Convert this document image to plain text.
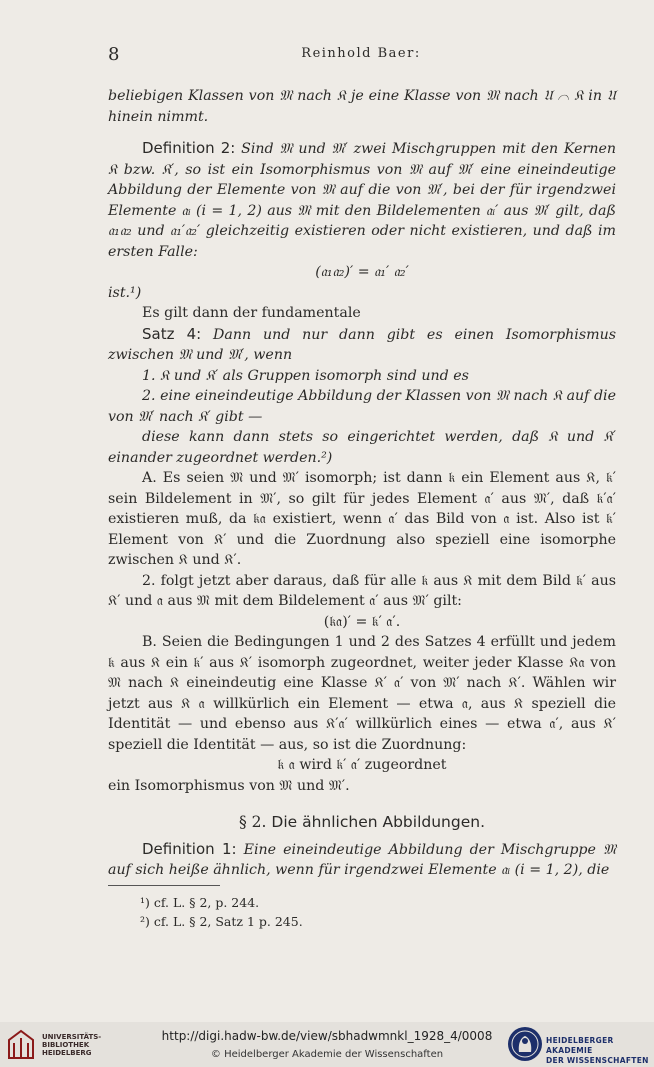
8	Reinhold Baer:

beliebigen Klassen von 𝔐 nach 𝔎 je eine Klasse von 𝔐 nach 𝔘 ⌒ 𝔎 in 𝔘 hinein nimmt.

Definition 2: Sind 𝔐 und 𝔐′ zwei Mischgruppen mit den Kernen 𝔎 bzw. 𝔎′, so ist ein Isomorphismus von 𝔐 auf 𝔐′ eine eineindeutige Abbildung der Elemente von 𝔐 auf die von 𝔐′, bei der für irgendzwei Elemente 𝔞ᵢ (i = 1, 2) aus 𝔐 mit den Bildelementen 𝔞ᵢ′ aus 𝔐′ gilt, daß 𝔞₁𝔞₂ und 𝔞₁′𝔞₂′ gleichzeitig existieren oder nicht existieren, und daß im ersten Falle:

(𝔞₁𝔞₂)′ = 𝔞₁′ 𝔞₂′

ist.¹)

Es gilt dann der fundamentale

Satz 4: Dann und nur dann gibt es einen Isomorphismus zwischen 𝔐 und 𝔐′, wenn

1. 𝔎 und 𝔎′ als Gruppen isomorph sind und es

2. eine eineindeutige Abbildung der Klassen von 𝔐 nach 𝔎 auf die von 𝔐′ nach 𝔎′ gibt —

diese kann dann stets so eingerichtet werden, daß 𝔎 und 𝔎′ einander zugeordnet werden.²)

A. Es seien 𝔐 und 𝔐′ isomorph; ist dann 𝔨 ein Element aus 𝔎, 𝔨′ sein Bildelement in 𝔐′, so gilt für jedes Element 𝔞′ aus 𝔐′, daß 𝔨′𝔞′ existieren muß, da 𝔨𝔞 existiert, wenn 𝔞′ das Bild von 𝔞 ist. Also ist 𝔨′ Element von 𝔎′ und die Zuordnung also speziell eine isomorphe zwischen 𝔎 und 𝔎′.

2. folgt jetzt aber daraus, daß für alle 𝔨 aus 𝔎 mit dem Bild 𝔨′ aus 𝔎′ und 𝔞 aus 𝔐 mit dem Bildelement 𝔞′ aus 𝔐′ gilt:

(𝔨𝔞)′ = 𝔨′ 𝔞′.

B. Seien die Bedingungen 1 und 2 des Satzes 4 erfüllt und jedem 𝔨 aus 𝔎 ein 𝔨′ aus 𝔎′ isomorph zugeordnet, weiter jeder Klasse 𝔎𝔞 von 𝔐 nach 𝔎 eineindeutig eine Klasse 𝔎′ 𝔞′ von 𝔐′ nach 𝔎′. Wählen wir jetzt aus 𝔎 𝔞 willkürlich ein Element — etwa 𝔞, aus 𝔎 speziell die Identität — und ebenso aus 𝔎′𝔞′ willkürlich eines — etwa 𝔞′, aus 𝔎′ speziell die Identität — aus, so ist die Zuordnung:

𝔨 𝔞 wird 𝔨′ 𝔞′ zugeordnet

ein Isomorphismus von 𝔐 und 𝔐′.

§ 2. Die ähnlichen Abbildungen.

Definition 1: Eine eineindeutige Abbildung der Mischgruppe 𝔐 auf sich heiße ähnlich, wenn für irgendzwei Elemente 𝔞ᵢ (i = 1, 2), die

¹) cf. L. § 2, p. 244.
²) cf. L. § 2, Satz 1 p. 245.
UNIVERSITÄTS-
BIBLIOTHEK
HEIDELBERG
http://digi.hadw-bw.de/view/sbhadwmnkl_1928_4/0008
© Heidelberger Akademie der Wissenschaften
HEIDELBERGER AKADEMIE
DER WISSENSCHAFTEN
